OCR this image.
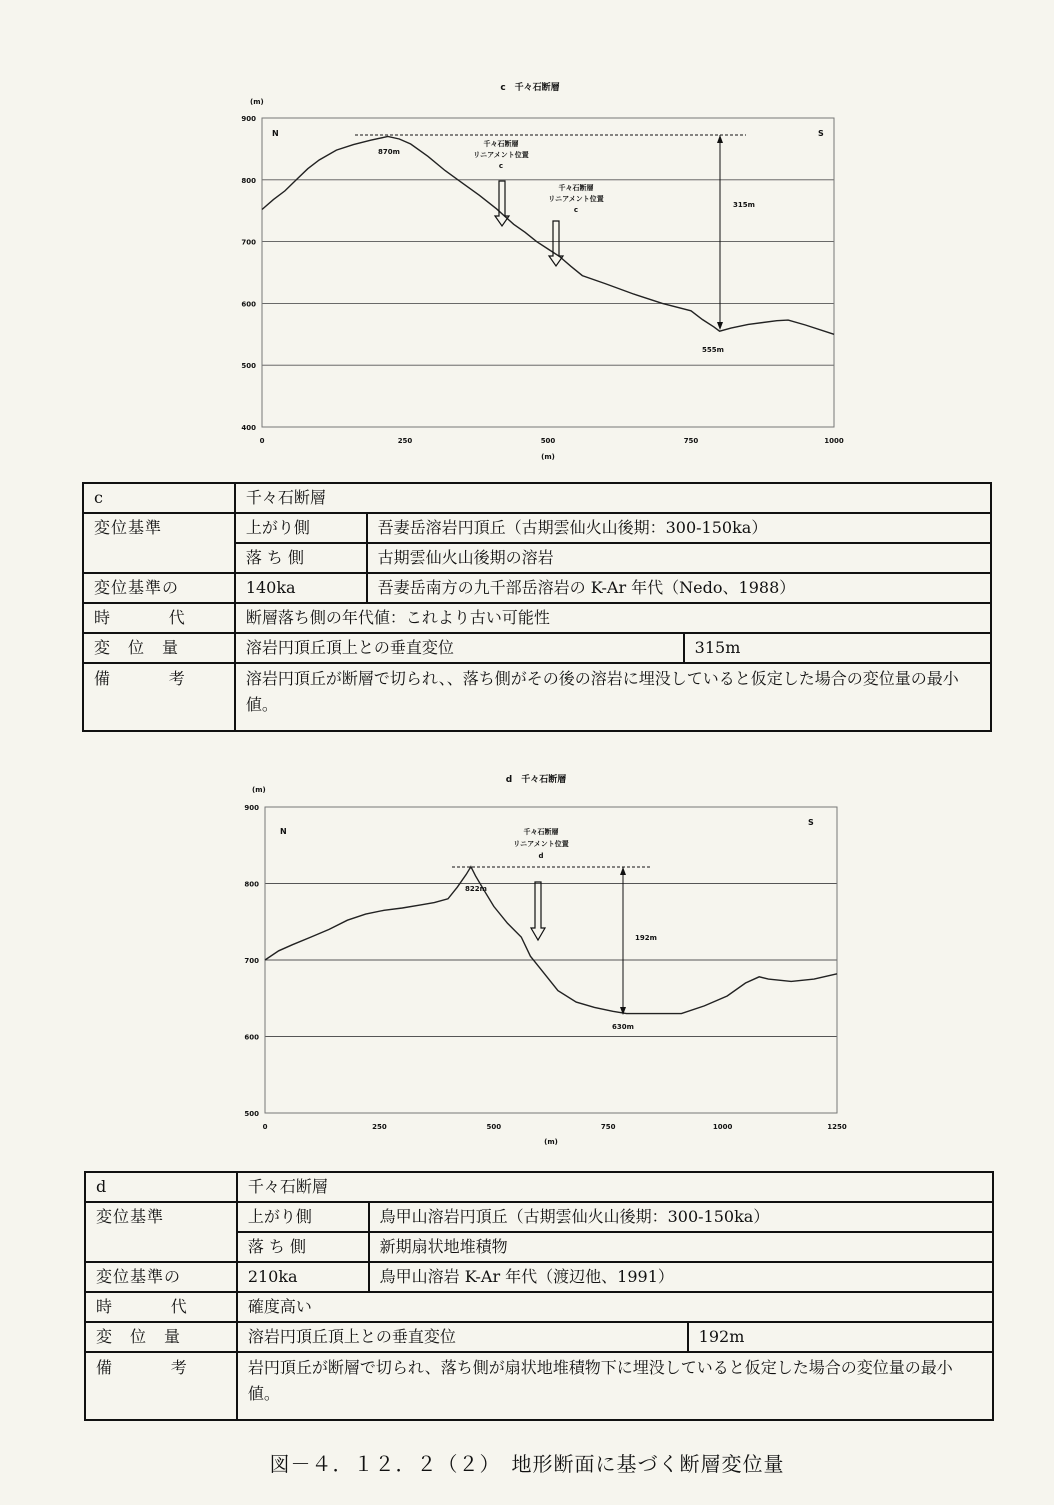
c　千々石断層
(m)
(m)
900
800
700
600
500
400
0	250	500	750	1000
N	S
870m
555m
315m
千々石断層
リニアメント位置
c
千々石断層
リニアメント位置
c
c	千々石断層		
変位基準	上がり側	吾妻岳溶岩円頂丘（古期雲仙火山後期：300-150ka）	
	落 ち 側	古期雲仙火山後期の溶岩	
変位基準の	140ka	吾妻岳南方の九千部岳溶岩の K-Ar 年代（Nedo、1988）	

時 代	断層落ち側の年代値：これより古い可能性		
変　位　量	溶岩円頂丘頂上との垂直変位		315m

備 考	溶岩円頂丘が断層で切られ、、落ち側がその後の溶岩に埋没していると仮定した場合の変位量の最小値。		
d　千々石断層
(m)
(m)
900
800
700
600
500
0	250	500	750	1000	1250
N
S
822m
630m
192m
千々石断層
リニアメント位置
d
d	千々石断層		
変位基準	上がり側	鳥甲山溶岩円頂丘（古期雲仙火山後期：300-150ka）	
	落 ち 側	新期扇状地堆積物	
変位基準の	210ka	鳥甲山溶岩 K-Ar 年代（渡辺他、1991）	

時 代	確度高い		
変　位　量	溶岩円頂丘頂上との垂直変位		192m

備 考	岩円頂丘が断層で切られ、落ち側が扇状地堆積物下に埋没していると仮定した場合の変位量の最小値。		
図－４．１２．２（２）　地形断面に基づく断層変位量
